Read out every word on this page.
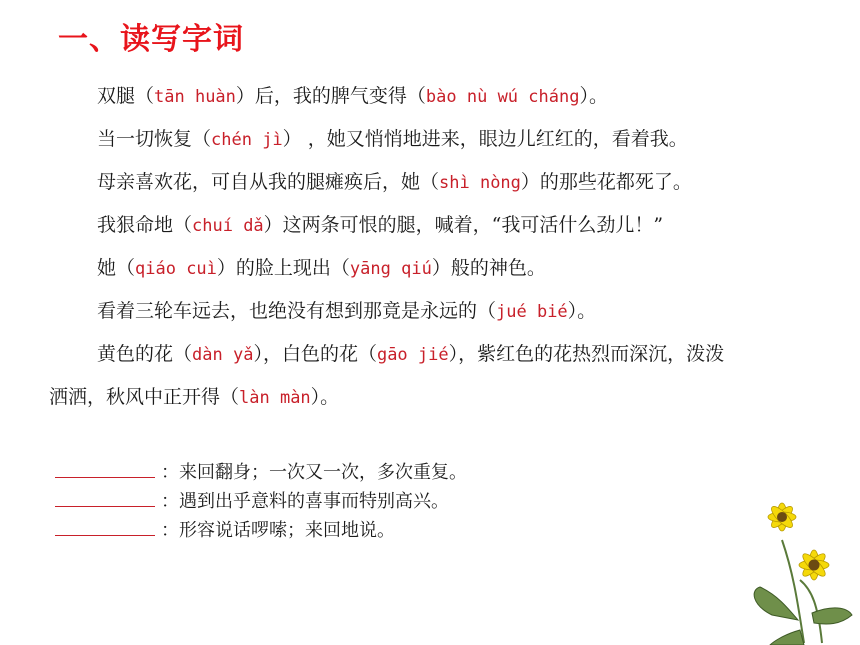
一、读写字词
双腿（tān huàn）后，我的脾气变得（bào nù wú cháng）。
当一切恢复（chén jì） ，她又悄悄地进来，眼边儿红红的，看着我。
母亲喜欢花，可自从我的腿瘫痪后，她（shì nòng）的那些花都死了。
我狠命地（chuí dǎ）这两条可恨的腿，喊着，“我可活什么劲儿！”
她（qiáo cuì）的脸上现出（yāng qiú）般的神色。
看着三轮车远去，也绝没有想到那竟是永远的（jué bié）。
黄色的花（dàn yǎ），白色的花（gāo jié），紫红色的花热烈而深沉，泼泼
洒洒，秋风中正开得（làn màn）。
：来回翻身；一次又一次，多次重复。
：遇到出乎意料的喜事而特别高兴。
：形容说话啰嗦；来回地说。
